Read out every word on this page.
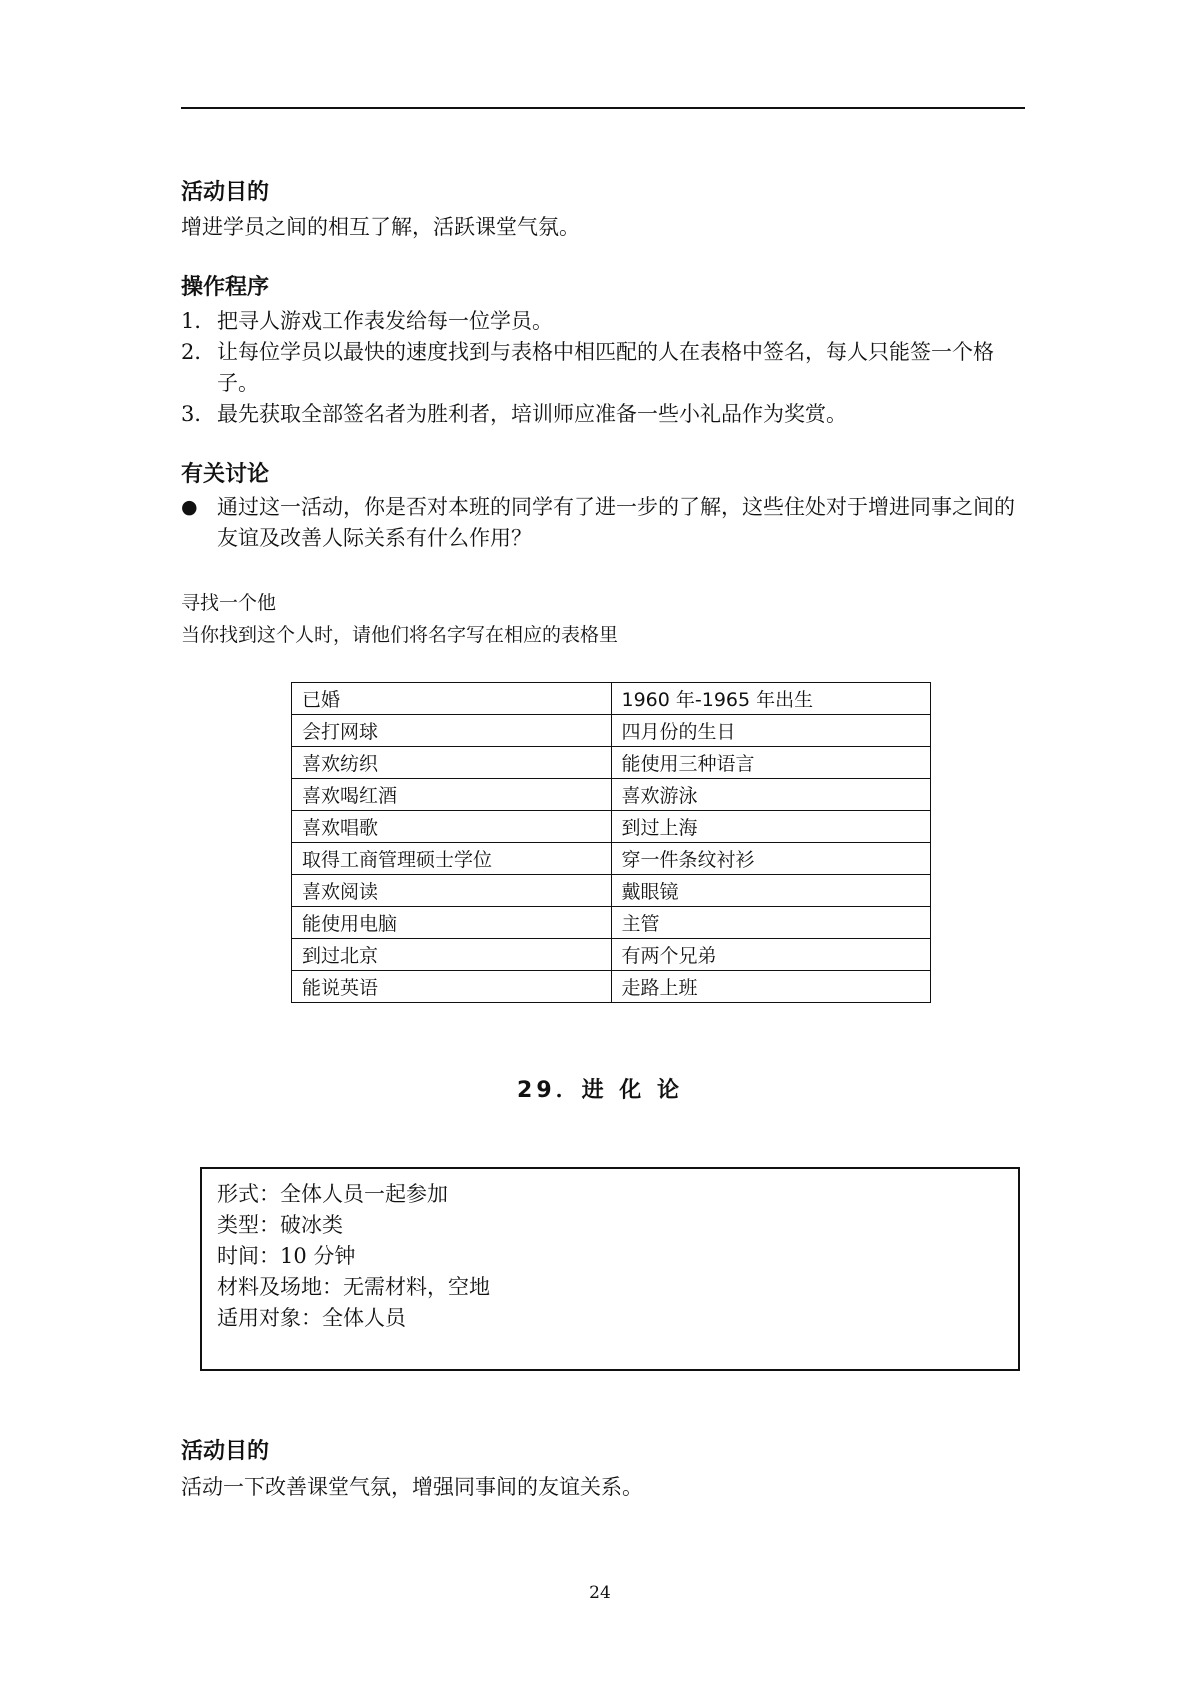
活动目的

增进学员之间的相互了解，活跃课堂气氛。

操作程序
1． 把寻人游戏工作表发给每一位学员。
2． 让每位学员以最快的速度找到与表格中相匹配的人在表格中签名，每人只能签一个格子。
3． 最先获取全部签名者为胜利者，培训师应准备一些小礼品作为奖赏。
有关讨论
● 通过这一活动，你是否对本班的同学有了进一步的了解，这些住处对于增进同事之间的友谊及改善人际关系有什么作用？

寻找一个他

当你找到这个人时，请他们将名字写在相应的表格里

已婚	1960 年-1965 年出生
会打网球	四月份的生日
喜欢纺织	能使用三种语言
喜欢喝红酒	喜欢游泳
喜欢唱歌	到过上海
取得工商管理硕士学位	穿一件条纹衬衫
喜欢阅读	戴眼镜
能使用电脑	主管
到过北京	有两个兄弟
能说英语	走路上班
29．进 化 论
形式：全体人员一起参加
类型：破冰类
时间：10 分钟
材料及场地：无需材料，空地
适用对象：全体人员
活动目的

活动一下改善课堂气氛，增强同事间的友谊关系。

24
